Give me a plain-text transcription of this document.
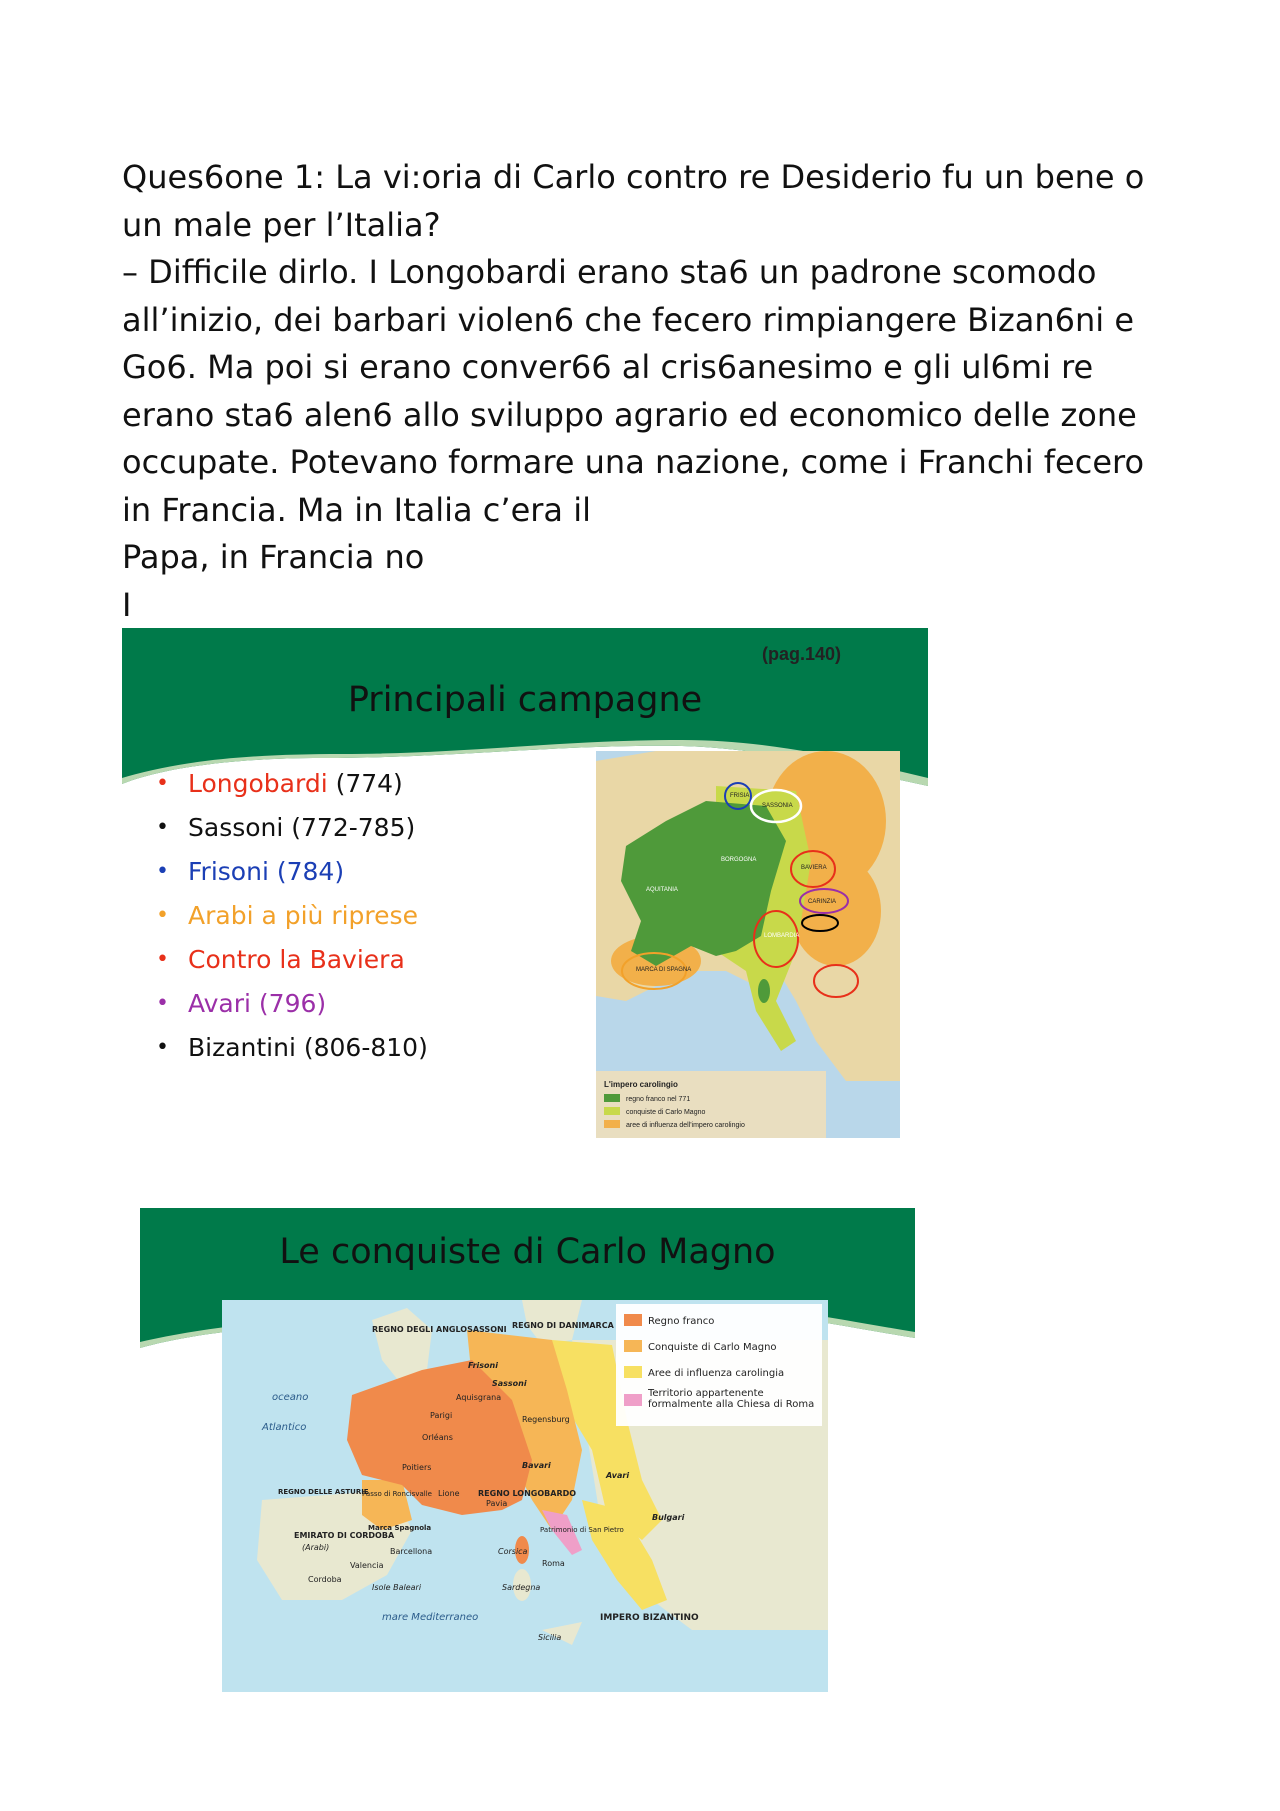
Ques6one 1: La vi:oria di Carlo contro re Desiderio fu un bene o un male per l’Italia?

– Difficile dirlo. I Longobardi erano sta6 un padrone scomodo all’inizio, dei barbari violen6 che fecero rimpiangere Bizan6ni e Go6. Ma poi si erano conver66 al cris6anesimo e gli ul6mi re erano sta6 alen6 allo sviluppo agrario ed economico delle zone occupate. Potevano formare una nazione, come i Franchi fecero in Francia. Ma in Italia c’era il

Papa, in Francia no

I

(pag.140)
Principali campagne
• Longobardi (774)
• Sassoni (772-785)
• Frisoni (784)
• Arabi a più riprese
• Contro la Baviera
• Avari (796)
• Bizantini (806-810)
FRISIA
SASSONIA
BAVIERA
CARINZIA
AQUITANIA
BORGOGNA
LOMBARDIA
MARCA DI SPAGNA
L'impero carolingio
regno franco nel 771
conquiste di Carlo Magno
aree di influenza dell'impero carolingio
Le conquiste di Carlo Magno
Regno franco
Conquiste di Carlo Magno
Aree di influenza carolingia
Territorio appartenente formalmente alla Chiesa di Roma
REGNO DEGLI ANGLOSASSONI REGNO DI DANIMARCA
oceano
Atlantico
Frisoni
Sassoni
Aquisgrana
Parigi
Orléans
Regensburg
Poitiers	Bavari
Avari
REGNO DELLE ASTURIE
Passo di Roncisvalle Lione REGNO LONGOBARDO
Pavia
Bulgari
Marca Spagnola	Patrimonio di San Pietro
EMIRATO DI CORDOBA
(Arabi)	Barcellona	Corsica
Valencia	Roma
Cordoba
Isole Baleari	Sardegna
mare Mediterraneo	IMPERO BIZANTINO
Sicilia
